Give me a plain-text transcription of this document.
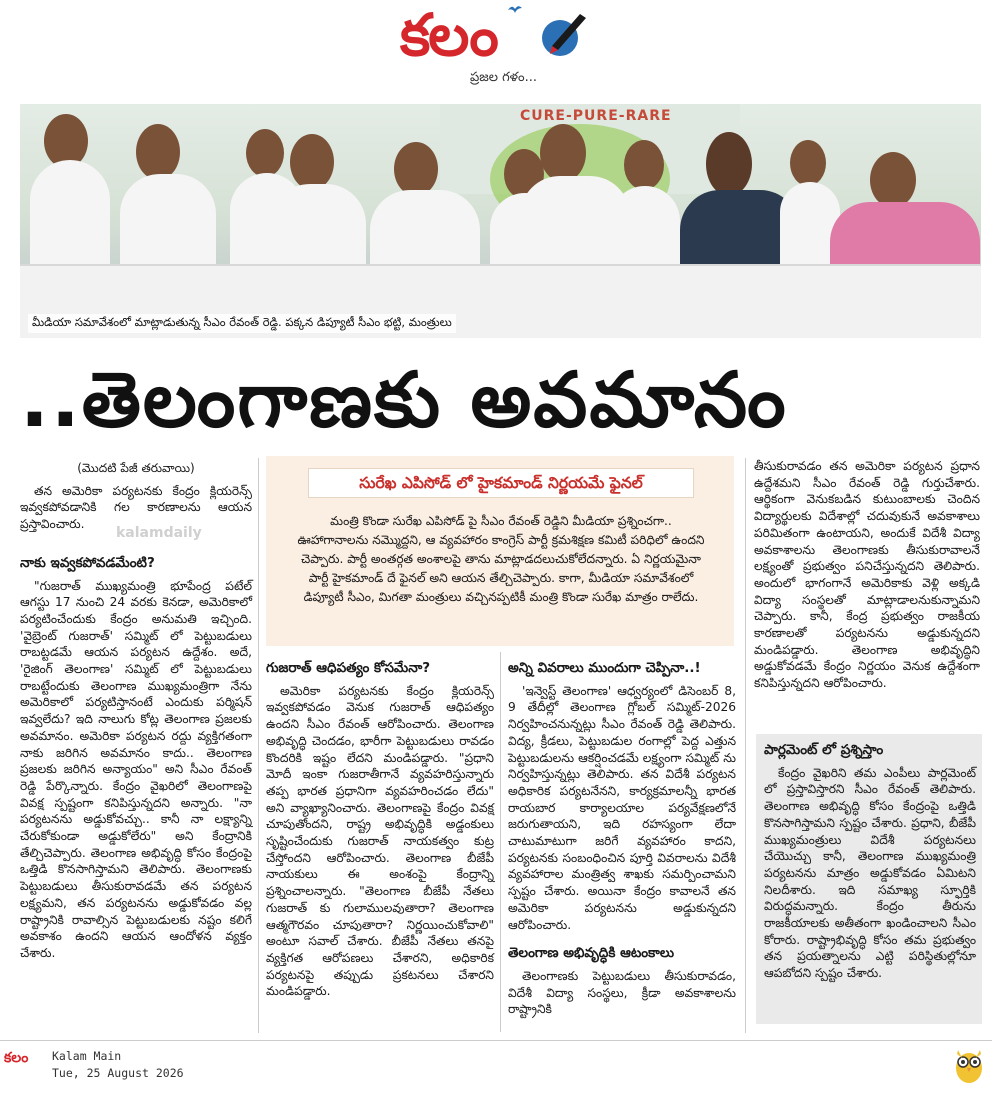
కలం
ప్రజల గళం...
CURE-PURE-RARE
మీడియా సమావేశంలో మాట్లాడుతున్న సీఎం రేవంత్ రెడ్డి. పక్కన డిప్యూటీ సీఎం భట్టి, మంత్రులు
..తెలంగాణకు అవమానం
(మొదటి పేజీ తరువాయి)

తన అమెరికా పర్యటనకు కేంద్రం క్లియరెన్స్ ఇవ్వకపోవడానికి గల కారణాలను ఆయన ప్రస్తావించారు.

నాకు ఇవ్వకపోవడమేంటి?

"గుజరాత్ ముఖ్యమంత్రి భూపేంద్ర పటేల్ ఆగస్టు 17 నుంచి 24 వరకు కెనడా, అమెరికాలో పర్యటించేందుకు కేంద్రం అనుమతి ఇచ్చింది. 'వైబ్రెంట్ గుజరాత్' సమ్మిట్ లో పెట్టుబడులు రాబట్టడమే ఆయన పర్యటన ఉద్దేశం. అదే, 'రైజింగ్ తెలంగాణ' సమ్మిట్ లో పెట్టుబడులు రాబట్టేందుకు తెలంగాణ ముఖ్యమంత్రిగా నేను అమెరికాలో పర్యటిస్తానంటే ఎందుకు పర్మిషన్ ఇవ్వలేదు? ఇది నాలుగు కోట్ల తెలంగాణ ప్రజలకు అవమానం. అమెరికా పర్యటన రద్దు వ్యక్తిగతంగా నాకు జరిగిన అవమానం కాదు.. తెలంగాణ ప్రజలకు జరిగిన అన్యాయం" అని సీఎం రేవంత్ రెడ్డి పేర్కొన్నారు. కేంద్రం వైఖరిలో తెలంగాణపై వివక్ష స్పష్టంగా కనిపిస్తున్నదని అన్నారు. "నా పర్యటనను అడ్డుకోవచ్చు.. కానీ నా లక్ష్యాన్ని చేరుకోకుండా అడ్డుకోలేరు" అని కేంద్రానికి తేల్చిచెప్పారు. తెలంగాణ అభివృద్ధి కోసం కేంద్రంపై ఒత్తిడి కొనసాగిస్తామని తెలిపారు. తెలంగాణకు పెట్టుబడులు తీసుకురావడమే తన పర్యటన లక్ష్యమని, తన పర్యటనను అడ్డుకోవడం వల్ల రాష్ట్రానికి రావాల్సిన పెట్టుబడులకు నష్టం కలిగే అవకాశం ఉందని ఆయన ఆందోళన వ్యక్తం చేశారు.

kalamdaily
సురేఖ ఎపిసోడ్ లో హైకమాండ్ నిర్ణయమే ఫైనల్
మంత్రి కొండా సురేఖ ఎపిసోడ్ పై సీఎం రేవంత్ రెడ్డిని మీడియా ప్రశ్నించగా.. ఊహాగానాలను నమ్మొద్దని, ఆ వ్యవహారం కాంగ్రెస్ పార్టీ క్రమశిక్షణ కమిటీ పరిధిలో ఉందని చెప్పారు. పార్టీ అంతర్గత అంశాలపై తాను మాట్లాడదలుచుకోలేదన్నారు. ఏ నిర్ణయమైనా పార్టీ హైకమాండ్ దే ఫైనల్ అని ఆయన తేల్చిచెప్పారు. కాగా, మీడియా సమావేశంలో డిప్యూటీ సీఎం, మిగతా మంత్రులు వచ్చినప్పటికీ మంత్రి కొండా సురేఖ మాత్రం రాలేదు.
గుజరాత్ ఆధిపత్యం కోసమేనా?

అమెరికా పర్యటనకు కేంద్రం క్లియరెన్స్ ఇవ్వకపోవడం వెనుక గుజరాత్ ఆధిపత్యం ఉందని సీఎం రేవంత్ ఆరోపించారు. తెలంగాణ అభివృద్ధి చెందడం, భారీగా పెట్టుబడులు రావడం కొందరికి ఇష్టం లేదని మండిపడ్డారు. "ప్రధాని మోదీ ఇంకా గుజరాతీగానే వ్యవహరిస్తున్నారు తప్ప భారత ప్రధానిగా వ్యవహరించడం లేదు" అని వ్యాఖ్యానించారు. తెలంగాణపై కేంద్రం వివక్ష చూపుతోందని, రాష్ట్ర అభివృద్ధికి అడ్డంకులు సృష్టించేందుకు గుజరాత్ నాయకత్వం కుట్ర చేస్తోందని ఆరోపించారు. తెలంగాణ బీజేపీ నాయకులు ఈ అంశంపై కేంద్రాన్ని ప్రశ్నించాలన్నారు. "తెలంగాణ బీజేపీ నేతలు గుజరాత్ కు గులాములవుతారా? తెలంగాణ ఆత్మగౌరవం చూపుతారా? నిర్ణయించుకోవాలి" అంటూ సవాల్ చేశారు. బీజేపీ నేతలు తనపై వ్యక్తిగత ఆరోపణలు చేశారని, అధికారిక పర్యటనపై తప్పుడు ప్రకటనలు చేశారని మండిపడ్డారు.

అన్ని వివరాలు ముందుగా చెప్పినా..!

'ఇన్వెస్ట్ తెలంగాణ' ఆధ్వర్యంలో డిసెంబర్ 8, 9 తేదీల్లో తెలంగాణ గ్లోబల్ సమ్మిట్-2026 నిర్వహించనున్నట్లు సీఎం రేవంత్ రెడ్డి తెలిపారు. విద్య, క్రీడలు, పెట్టుబడుల రంగాల్లో పెద్ద ఎత్తున పెట్టుబడులను ఆకర్షించడమే లక్ష్యంగా సమ్మిట్ ను నిర్వహిస్తున్నట్లు తెలిపారు. తన విదేశీ పర్యటన అధికారిక పర్యటనేనని, కార్యక్రమాలన్నీ భారత రాయబార కార్యాలయాల పర్యవేక్షణలోనే జరుగుతాయని, ఇది రహస్యంగా లేదా చాటుమాటుగా జరిగే వ్యవహారం కాదని, పర్యటనకు సంబంధించిన పూర్తి వివరాలను విదేశీ వ్యవహారాల మంత్రిత్వ శాఖకు సమర్పించామని స్పష్టం చేశారు. అయినా కేంద్రం కావాలనే తన అమెరికా పర్యటనను అడ్డుకున్నదని ఆరోపించారు.

తెలంగాణ అభివృద్ధికి ఆటంకాలు

తెలంగాణకు పెట్టుబడులు తీసుకురావడం, విదేశీ విద్యా సంస్థలు, క్రీడా అవకాశాలను రాష్ట్రానికి

తీసుకురావడం తన అమెరికా పర్యటన ప్రధాన ఉద్దేశమని సీఎం రేవంత్ రెడ్డి గుర్తుచేశారు. ఆర్థికంగా వెనుకబడిన కుటుంబాలకు చెందిన విద్యార్థులకు విదేశాల్లో చదువుకునే అవకాశాలు పరిమితంగా ఉంటాయని, అందుకే విదేశీ విద్యా అవకాశాలను తెలంగాణకు తీసుకురావాలనే లక్ష్యంతో ప్రభుత్వం పనిచేస్తున్నదని తెలిపారు. అందులో భాగంగానే అమెరికాకు వెళ్లి అక్కడి విద్యా సంస్థలతో మాట్లాడాలనుకున్నామని చెప్పారు. కానీ, కేంద్ర ప్రభుత్వం రాజకీయ కారణాలతో పర్యటనను అడ్డుకున్నదని మండిపడ్డారు. తెలంగాణ అభివృద్ధిని అడ్డుకోవడమే కేంద్రం నిర్ణయం వెనుక ఉద్దేశంగా కనిపిస్తున్నదని ఆరోపించారు.

పార్లమెంట్ లో ప్రశ్నిస్తాం

కేంద్రం వైఖరిని తమ ఎంపీలు పార్లమెంట్ లో ప్రస్తావిస్తారని సీఎం రేవంత్ తెలిపారు. తెలంగాణ అభివృద్ధి కోసం కేంద్రంపై ఒత్తిడి కొనసాగిస్తామని స్పష్టం చేశారు. ప్రధాని, బీజేపీ ముఖ్యమంత్రులు విదేశీ పర్యటనలు చేయొచ్చు కానీ, తెలంగాణ ముఖ్యమంత్రి పర్యటనను మాత్రం అడ్డుకోవడం ఏమిటని నిలదీశారు. ఇది సమాఖ్య స్ఫూర్తికి విరుద్ధమన్నారు. కేంద్రం తీరును రాజకీయాలకు అతీతంగా ఖండించాలని సీఎం కోరారు. రాష్ట్రాభివృద్ధి కోసం తమ ప్రభుత్వం తన ప్రయత్నాలను ఎట్టి పరిస్థితుల్లోనూ ఆపబోదని స్పష్టం చేశారు.

కలం Kalam Main
Tue, 25 August 2026
